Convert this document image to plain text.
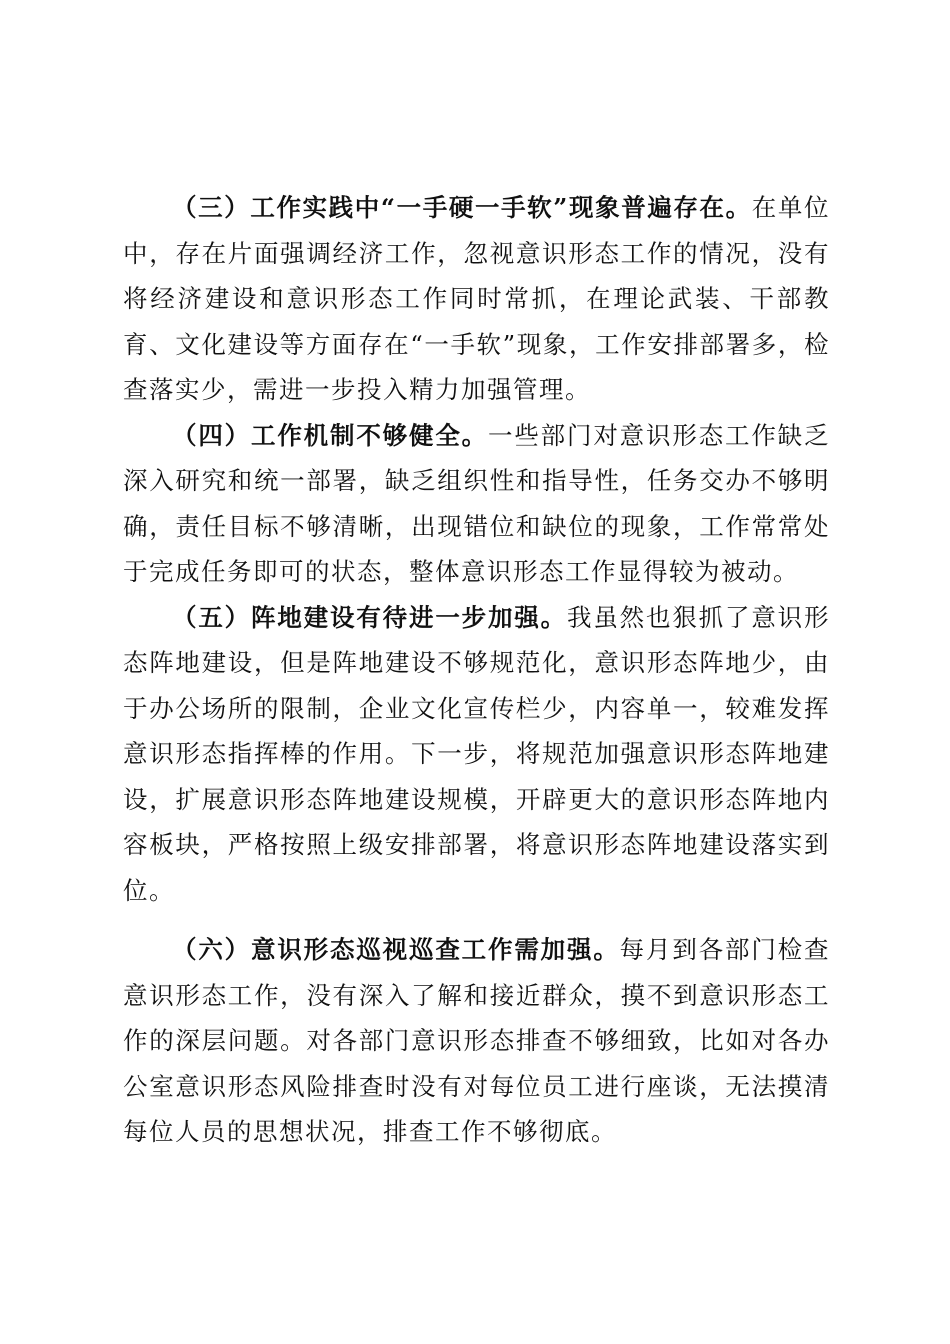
（三）工作实践中“一手硬一手软”现象普遍存在。在单位中，存在片面强调经济工作，忽视意识形态工作的情况，没有将经济建设和意识形态工作同时常抓，在理论武装、干部教育、文化建设等方面存在“一手软”现象，工作安排部署多，检查落实少，需进一步投入精力加强管理。

（四）工作机制不够健全。一些部门对意识形态工作缺乏深入研究和统一部署，缺乏组织性和指导性，任务交办不够明确，责任目标不够清晰，出现错位和缺位的现象，工作常常处于完成任务即可的状态，整体意识形态工作显得较为被动。

（五）阵地建设有待进一步加强。我虽然也狠抓了意识形态阵地建设，但是阵地建设不够规范化，意识形态阵地少，由于办公场所的限制，企业文化宣传栏少，内容单一，较难发挥意识形态指挥棒的作用。下一步，将规范加强意识形态阵地建设，扩展意识形态阵地建设规模，开辟更大的意识形态阵地内容板块，严格按照上级安排部署，将意识形态阵地建设落实到位。

（六）意识形态巡视巡查工作需加强。每月到各部门检查意识形态工作，没有深入了解和接近群众，摸不到意识形态工作的深层问题。对各部门意识形态排查不够细致，比如对各办公室意识形态风险排查时没有对每位员工进行座谈，无法摸清每位人员的思想状况，排查工作不够彻底。
